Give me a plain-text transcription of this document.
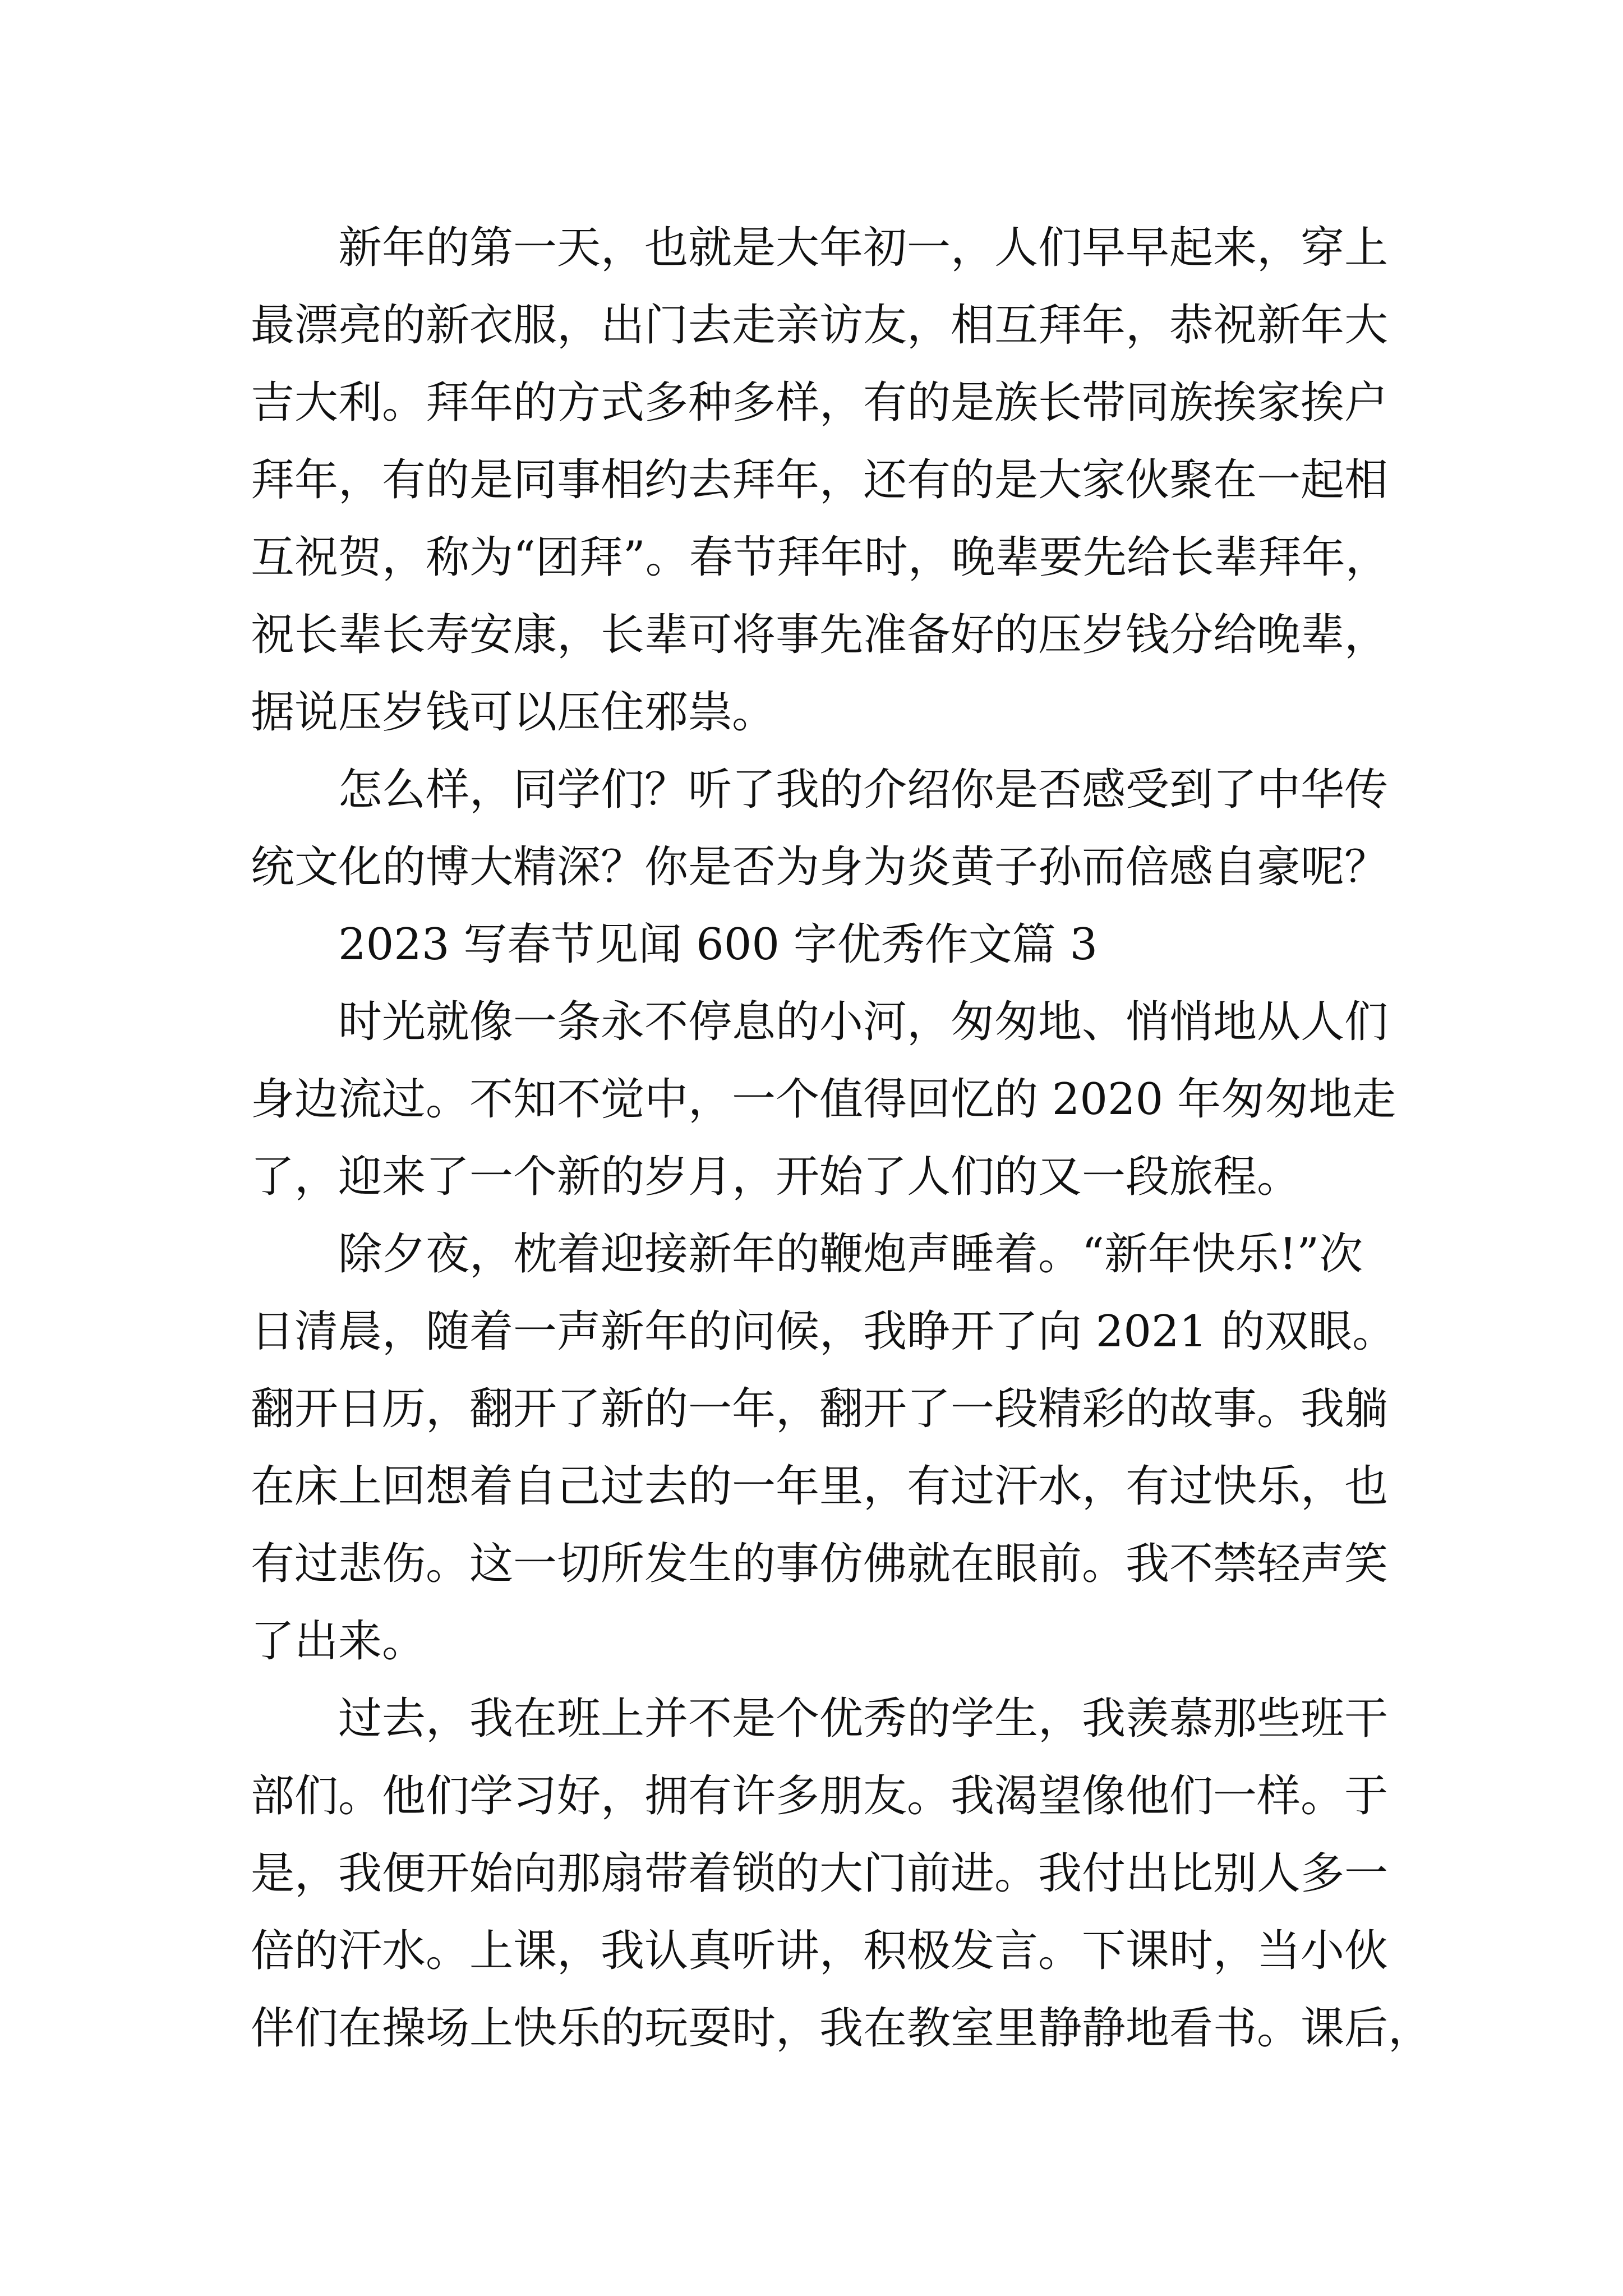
新年的第一天，也就是大年初一，人们早早起来，穿上
最漂亮的新衣服，出门去走亲访友，相互拜年，恭祝新年大
吉大利。拜年的方式多种多样，有的是族长带同族挨家挨户
拜年，有的是同事相约去拜年，还有的是大家伙聚在一起相
互祝贺，称为“团拜”。春节拜年时，晚辈要先给长辈拜年，
祝长辈长寿安康，长辈可将事先准备好的压岁钱分给晚辈，
据说压岁钱可以压住邪祟。
怎么样，同学们？听了我的介绍你是否感受到了中华传
统文化的博大精深？你是否为身为炎黄子孙而倍感自豪呢？
2023 写春节见闻 600 字优秀作文篇 3
时光就像一条永不停息的小河，匆匆地、悄悄地从人们
身边流过。不知不觉中，一个值得回忆的 2020 年匆匆地走
了，迎来了一个新的岁月，开始了人们的又一段旅程。
除夕夜，枕着迎接新年的鞭炮声睡着。“新年快乐!”次
日清晨，随着一声新年的问候，我睁开了向 2021 的双眼。
翻开日历，翻开了新的一年，翻开了一段精彩的故事。我躺
在床上回想着自己过去的一年里，有过汗水，有过快乐，也
有过悲伤。这一切所发生的事仿佛就在眼前。我不禁轻声笑
了出来。
过去，我在班上并不是个优秀的学生，我羡慕那些班干
部们。他们学习好，拥有许多朋友。我渴望像他们一样。于
是，我便开始向那扇带着锁的大门前进。我付出比别人多一
倍的汗水。上课，我认真听讲，积极发言。下课时，当小伙
伴们在操场上快乐的玩耍时，我在教室里静静地看书。课后，
